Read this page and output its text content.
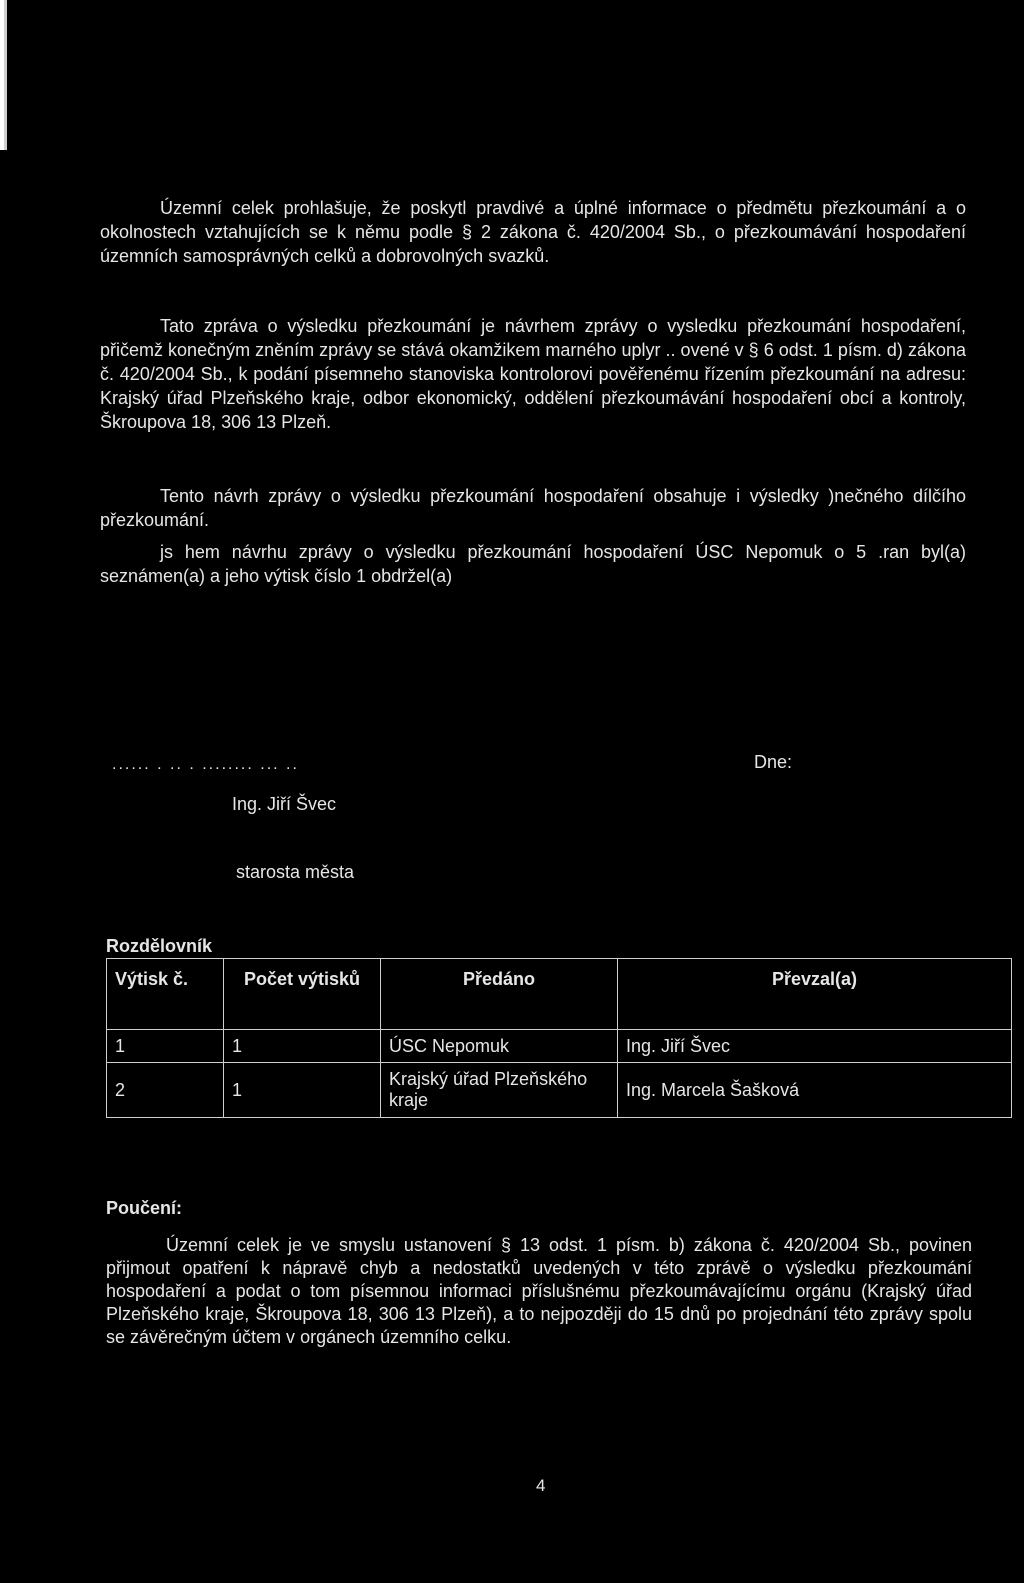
Územní celek prohlašuje, že poskytl pravdivé a úplné informace o předmětu přezkoumání a o okolnostech vztahujících se k němu podle § 2 zákona č. 420/2004 Sb., o přezkoumávání hospodaření územních samosprávných celků a dobrovolných svazků.

Tato zpráva o výsledku přezkoumání je návrhem zprávy o vysledku přezkoumání hospodaření, přičemž konečným zněním zprávy se stává okamžikem marného uplyr .. ovené v § 6 odst. 1 písm. d) zákona č. 420/2004 Sb., k podání písemneho stanoviska kontrolorovi pověřenému řízením přezkoumání na adresu: Krajský úřad Plzeňského kraje, odbor ekonomický, oddělení přezkoumávání hospodaření obcí a kontroly, Škroupova 18, 306 13 Plzeň.

Tento návrh zprávy o výsledku přezkoumání hospodaření obsahuje i výsledky )nečného dílčího přezkoumání.

js hem návrhu zprávy o výsledku přezkoumání hospodaření ÚSC Nepomuk o 5 .ran byl(a) seznámen(a) a jeho výtisk číslo 1 obdržel(a)

...... . .. . ........ ... ..	Dne:
Ing. Jiří Švec
starosta města
Rozdělovník
Výtisk č.	Počet výtisků	Předáno	Převzal(a)
1	1	ÚSC Nepomuk	Ing. Jiří Švec
2	1	Krajský úřad Plzeňského kraje	Ing. Marcela Šašková
Poučení:

Územní celek je ve smyslu ustanovení § 13 odst. 1 písm. b) zákona č. 420/2004 Sb., povinen přijmout opatření k nápravě chyb a nedostatků uvedených v této zprávě o výsledku přezkoumání hospodaření a podat o tom písemnou informaci příslušnému přezkoumávajícímu orgánu (Krajský úřad Plzeňského kraje, Škroupova 18, 306 13 Plzeň), a to nejpozději do 15 dnů po projednání této zprávy spolu se závěrečným účtem v orgánech územního celku.

4
